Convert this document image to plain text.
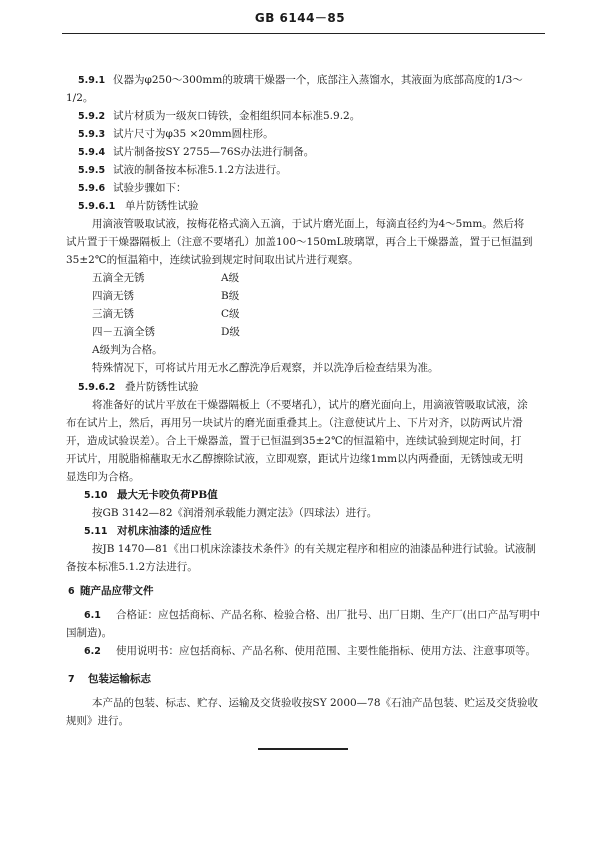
GB 6144－85
5.9.1 仪器为φ250～300mm的玻璃干燥器一个，底部注入蒸馏水，其液面为底部高度的1/3～
1/2。
5.9.2 试片材质为一级灰口铸铁，金相组织同本标准5.9.2。
5.9.3 试片尺寸为φ35 ×20mm圆柱形。
5.9.4 试片制备按SY 2755—76S办法进行制备。
5.9.5 试液的制备按本标准5.1.2方法进行。
5.9.6 试验步骤如下：
5.9.6.1 单片防锈性试验
用滴液管吸取试液，按梅花格式滴入五滴，于试片磨光面上，每滴直径约为4～5mm。然后将
试片置于干燥器隔板上（注意不要堵孔）加盖100～150mL玻璃罩，再合上干燥器盖，置于已恒温到
35±2℃的恒温箱中，连续试验到规定时间取出试片进行观察。
五滴全无锈	A级
四滴无锈	B级
三滴无锈	C级
四－五滴全锈	D级
A级判为合格。
特殊情况下，可将试片用无水乙醇洗净后观察，并以洗净后检查结果为准。
5.9.6.2 叠片防锈性试验
将准备好的试片平放在干燥器隔板上（不要堵孔），试片的磨光面向上，用滴液管吸取试液，涂
布在试片上，然后，再用另一块试片的磨光面重叠其上。（注意使试片上、下片对齐，以防两试片滑
开，造成试验误差）。合上干燥器盖，置于已恒温到35±2℃的恒温箱中，连续试验到规定时间，打
开试片，用脱脂棉蘸取无水乙醇擦除试液，立即观察，距试片边缘1mm以内两叠面，无锈蚀或无明
显迭印为合格。
5.10 最大无卡咬负荷PB值
按GB 3142—82《润滑剂承载能力测定法》（四球法）进行。
5.11 对机床油漆的适应性
按JB 1470—81《出口机床涂漆技术条件》的有关规定程序和相应的油漆品种进行试验。试液制
备按本标准5.1.2方法进行。
6 随产品应带文件
6.1 合格证：应包括商标、产品名称、检验合格、出厂批号、出厂日期、生产厂(出口产品写明中
国制造)。
6.2 使用说明书：应包括商标、产品名称、使用范围、主要性能指标、使用方法、注意事项等。
7 包装运输标志
本产品的包装、标志、贮存、运输及交货验收按SY 2000—78《石油产品包装、贮运及交货验收
规则》进行。
